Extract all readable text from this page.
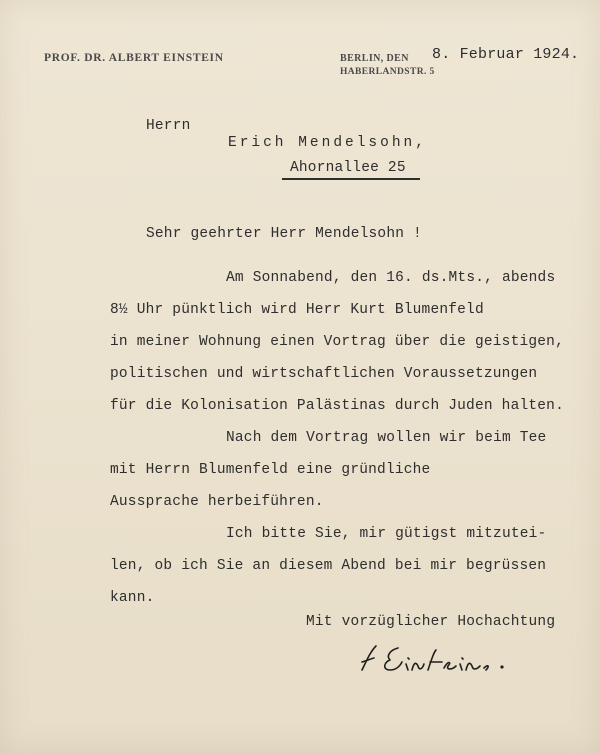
PROF. DR. ALBERT EINSTEIN	BERLIN, DEN
HABERLANDSTR. 5
8. Februar 1924.
Herrn
Erich Mendelsohn,
Ahornallee 25
Sehr geehrter Herr Mendelsohn !
Am Sonnabend, den 16. ds.Mts., abends
8½ Uhr pünktlich wird Herr Kurt Blumenfeld
in meiner Wohnung einen Vortrag über die geistigen,
politischen und wirtschaftlichen Voraussetzungen
für die Kolonisation Palästinas durch Juden halten.
Nach dem Vortrag wollen wir beim Tee
mit Herrn Blumenfeld eine gründliche
Aussprache herbeiführen.
Ich bitte Sie, mir gütigst mitzutei-
len, ob ich Sie an diesem Abend bei mir begrüssen
kann.
Mit vorzüglicher Hochachtung
